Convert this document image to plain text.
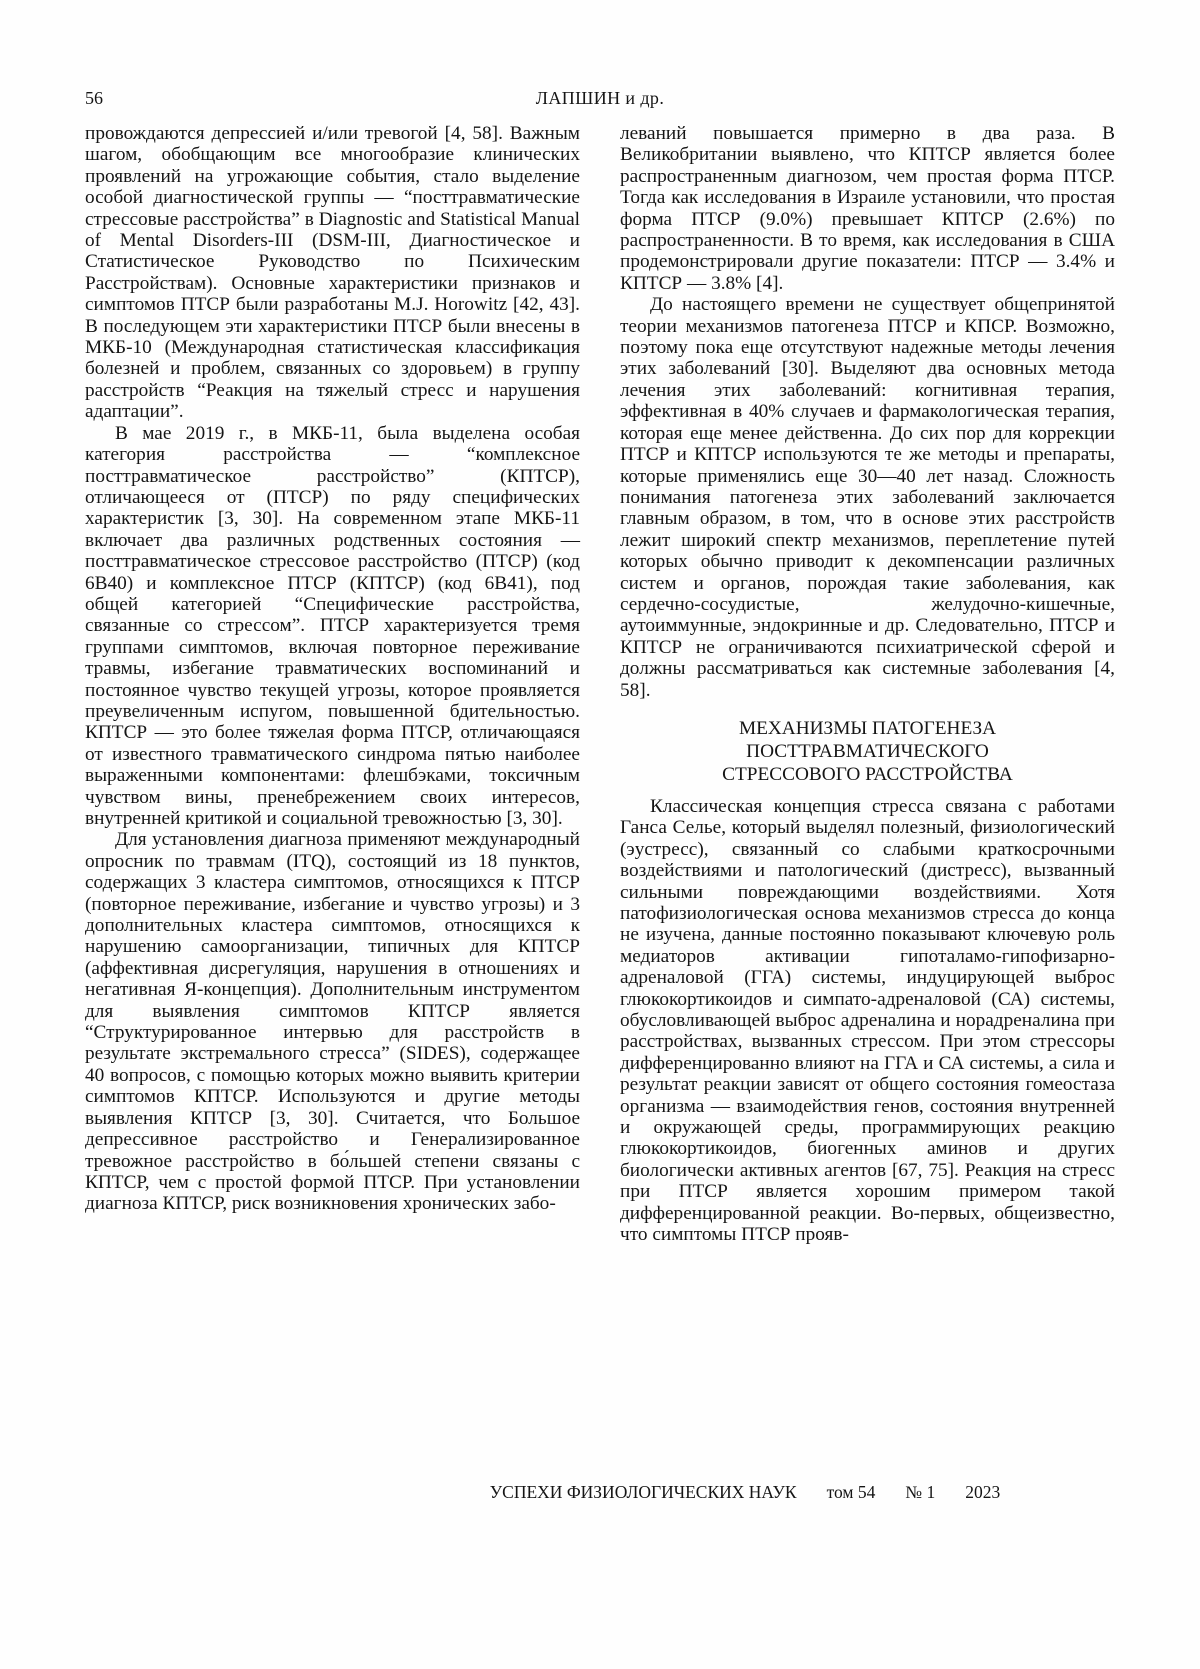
56	ЛАПШИН и др.

провождаются депрессией и/или тревогой [4, 58]. Важным шагом, обобщающим все многообразие клинических проявлений на угрожающие события, стало выделение особой диагностической группы — “посттравматические стрессовые расстройства” в Diagnostic and Statistical Manual of Mental Disorders-III (DSM-III, Диагностическое и Статистическое Руководство по Психическим Расстройствам). Основные характеристики признаков и симптомов ПТСР были разработаны M.J. Horowitz [42, 43]. В последующем эти характеристики ПТСР были внесены в МКБ-10 (Международная статистическая классификация болезней и проблем, связанных со здоровьем) в группу расстройств “Реакция на тяжелый стресс и нарушения адаптации”.

В мае 2019 г., в МКБ-11, была выделена особая категория расстройства — “комплексное посттравматическое расстройство” (КПТСР), отличающееся от (ПТСР) по ряду специфических характеристик [3, 30]. На современном этапе МКБ-11 включает два различных родственных состояния — посттравматическое стрессовое расстройство (ПТСР) (код 6B40) и комплексное ПТСР (КПТСР) (код 6B41), под общей категорией “Специфические расстройства, связанные со стрессом”. ПТСР характеризуется тремя группами симптомов, включая повторное переживание травмы, избегание травматических воспоминаний и постоянное чувство текущей угрозы, которое проявляется преувеличенным испугом, повышенной бдительностью. КПТСР — это более тяжелая форма ПТСР, отличающаяся от известного травматического синдрома пятью наиболее выраженными компонентами: флешбэками, токсичным чувством вины, пренебрежением своих интересов, внутренней критикой и социальной тревожностью [3, 30].

Для установления диагноза применяют международный опросник по травмам (ITQ), состоящий из 18 пунктов, содержащих 3 кластера симптомов, относящихся к ПТСР (повторное переживание, избегание и чувство угрозы) и 3 дополнительных кластера симптомов, относящихся к нарушению самоорганизации, типичных для КПТСР (аффективная дисрегуляция, нарушения в отношениях и негативная Я-концепция). Дополнительным инструментом для выявления симптомов КПТСР является “Структурированное интервью для расстройств в результате экстремального стресса” (SIDES), содержащее 40 вопросов, с помощью которых можно выявить критерии симптомов КПТСР. Используются и другие методы выявления КПТСР [3, 30]. Считается, что Большое депрессивное расстройство и Генерализированное тревожное расстройство в бо́льшей степени связаны с КПТСР, чем с простой формой ПТСР. При установлении диагноза КПТСР, риск возникновения хронических забо-

леваний повышается примерно в два раза. В Великобритании выявлено, что КПТСР является более распространенным диагнозом, чем простая форма ПТСР. Тогда как исследования в Израиле установили, что простая форма ПТСР (9.0%) превышает КПТСР (2.6%) по распространенности. В то время, как исследования в США продемонстрировали другие показатели: ПТСР — 3.4% и КПТСР — 3.8% [4].

До настоящего времени не существует общепринятой теории механизмов патогенеза ПТСР и КПСР. Возможно, поэтому пока еще отсутствуют надежные методы лечения этих заболеваний [30]. Выделяют два основных метода лечения этих заболеваний: когнитивная терапия, эффективная в 40% случаев и фармакологическая терапия, которая еще менее действенна. До сих пор для коррекции ПТСР и КПТСР используются те же методы и препараты, которые применялись еще 30—40 лет назад. Сложность понимания патогенеза этих заболеваний заключается главным образом, в том, что в основе этих расстройств лежит широкий спектр механизмов, переплетение путей которых обычно приводит к декомпенсации различных систем и органов, порождая такие заболевания, как сердечно-сосудистые, желудочно-кишечные, аутоиммунные, эндокринные и др. Следовательно, ПТСР и КПТСР не ограничиваются психиатрической сферой и должны рассматриваться как системные заболевания [4, 58].

МЕХАНИЗМЫ ПАТОГЕНЕЗА
ПОСТТРАВМАТИЧЕСКОГО
СТРЕССОВОГО РАССТРОЙСТВА

Классическая концепция стресса связана с работами Ганса Селье, который выделял полезный, физиологический (эустресс), связанный со слабыми краткосрочными воздействиями и патологический (дистресс), вызванный сильными повреждающими воздействиями. Хотя патофизиологическая основа механизмов стресса до конца не изучена, данные постоянно показывают ключевую роль медиаторов активации гипоталамо-гипофизарно-адреналовой (ГГА) системы, индуцирующей выброс глюкокортикоидов и симпато-адреналовой (СА) системы, обусловливающей выброс адреналина и норадреналина при расстройствах, вызванных стрессом. При этом стрессоры дифференцированно влияют на ГГА и СА системы, а сила и результат реакции зависят от общего состояния гомеостаза организма — взаимодействия генов, состояния внутренней и окружающей среды, программирующих реакцию глюкокортикоидов, биогенных аминов и других биологически активных агентов [67, 75]. Реакция на стресс при ПТСР является хорошим примером такой дифференцированной реакции. Во-первых, общеизвестно, что симптомы ПТСР прояв-

УСПЕХИ ФИЗИОЛОГИЧЕСКИХ НАУК том 54 № 1 2023
